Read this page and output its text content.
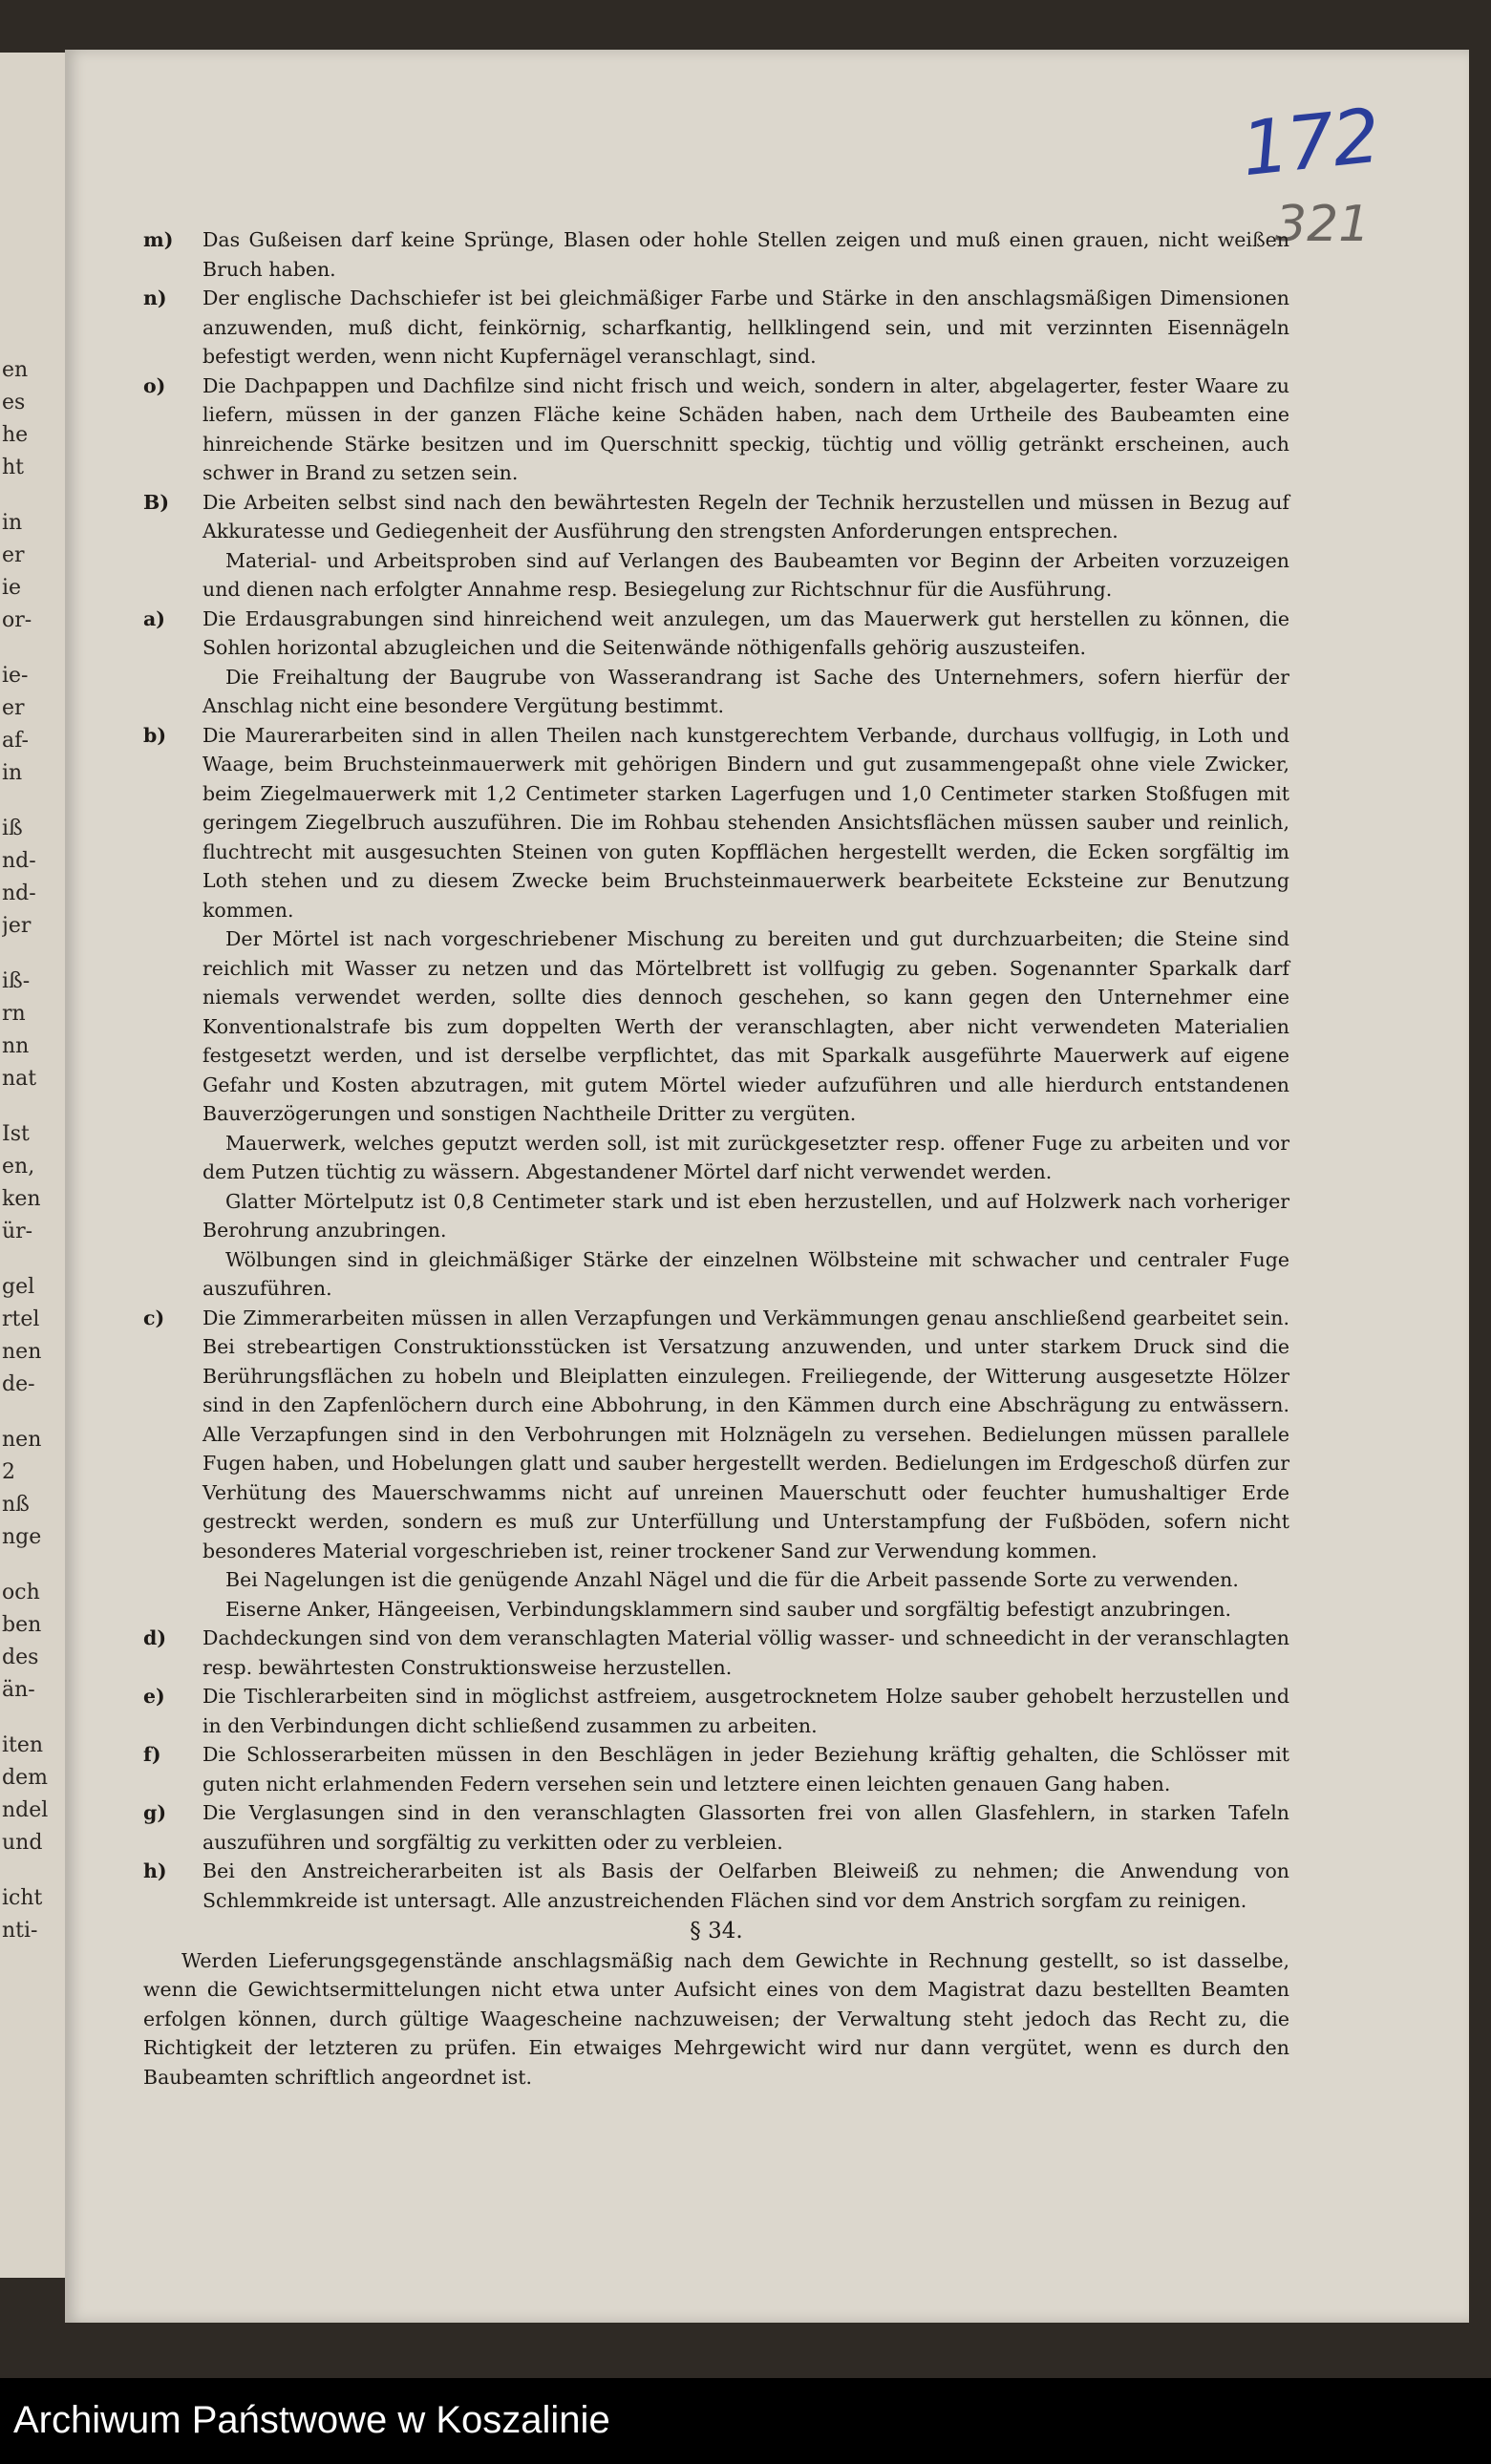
en
es
he
ht
in
er
ie
or-
ie-
er
af-
in
iß
nd-
nd-
jer
iß-
rn
nn
nat
Ist
en,
ken
ür-
gel
rtel
nen
de-
nen
2
nß
nge
och
ben
des
än-
iten
dem
ndel
und
icht
nti-
172
321
m)	Das Gußeisen darf keine Sprünge, Blasen oder hohle Stellen zeigen und muß einen grauen, nicht weißen Bruch haben.
n)	Der englische Dachschiefer ist bei gleichmäßiger Farbe und Stärke in den anschlagsmäßigen Dimensionen anzuwenden, muß dicht, feinkörnig, scharfkantig, hellklingend sein, und mit verzinnten Eisennägeln befestigt werden, wenn nicht Kupfernägel veranschlagt, sind.
o)	Die Dachpappen und Dachfilze sind nicht frisch und weich, sondern in alter, abgelagerter, fester Waare zu liefern, müssen in der ganzen Fläche keine Schäden haben, nach dem Urtheile des Baubeamten eine hinreichende Stärke besitzen und im Querschnitt speckig, tüchtig und völlig getränkt erscheinen, auch schwer in Brand zu setzen sein.
B)	Die Arbeiten selbst sind nach den bewährtesten Regeln der Technik herzustellen und müssen in Bezug auf Akkuratesse und Gediegenheit der Ausführung den strengsten Anforderungen entsprechen.
Material- und Arbeitsproben sind auf Verlangen des Baubeamten vor Beginn der Arbeiten vorzuzeigen und dienen nach erfolgter Annahme resp. Besiegelung zur Richtschnur für die Ausführung.
a)	Die Erdausgrabungen sind hinreichend weit anzulegen, um das Mauerwerk gut herstellen zu können, die Sohlen horizontal abzugleichen und die Seitenwände nöthigenfalls gehörig auszusteifen.
Die Freihaltung der Baugrube von Wasserandrang ist Sache des Unternehmers, sofern hierfür der Anschlag nicht eine besondere Vergütung bestimmt.
b)	Die Maurerarbeiten sind in allen Theilen nach kunstgerechtem Verbande, durchaus vollfugig, in Loth und Waage, beim Bruchsteinmauerwerk mit gehörigen Bindern und gut zusammengepaßt ohne viele Zwicker, beim Ziegelmauerwerk mit 1,2 Centimeter starken Lagerfugen und 1,0 Centimeter starken Stoßfugen mit geringem Ziegelbruch auszuführen. Die im Rohbau stehenden Ansichtsflächen müssen sauber und reinlich, fluchtrecht mit ausgesuchten Steinen von guten Kopfflächen hergestellt werden, die Ecken sorgfältig im Loth stehen und zu diesem Zwecke beim Bruchsteinmauerwerk bearbeitete Ecksteine zur Benutzung kommen.
Der Mörtel ist nach vorgeschriebener Mischung zu bereiten und gut durchzuarbeiten; die Steine sind reichlich mit Wasser zu netzen und das Mörtelbrett ist vollfugig zu geben. Sogenannter Sparkalk darf niemals verwendet werden, sollte dies dennoch geschehen, so kann gegen den Unternehmer eine Konventionalstrafe bis zum doppelten Werth der veranschlagten, aber nicht verwendeten Materialien festgesetzt werden, und ist derselbe verpflichtet, das mit Sparkalk ausgeführte Mauerwerk auf eigene Gefahr und Kosten abzutragen, mit gutem Mörtel wieder aufzuführen und alle hierdurch entstandenen Bauverzögerungen und sonstigen Nachtheile Dritter zu vergüten.
Mauerwerk, welches geputzt werden soll, ist mit zurückgesetzter resp. offener Fuge zu arbeiten und vor dem Putzen tüchtig zu wässern. Abgestandener Mörtel darf nicht verwendet werden.
Glatter Mörtelputz ist 0,8 Centimeter stark und ist eben herzustellen, und auf Holzwerk nach vorheriger Berohrung anzubringen.
Wölbungen sind in gleichmäßiger Stärke der einzelnen Wölbsteine mit schwacher und centraler Fuge auszuführen.
c)	Die Zimmerarbeiten müssen in allen Verzapfungen und Verkämmungen genau anschließend gearbeitet sein. Bei strebeartigen Construktionsstücken ist Versatzung anzuwenden, und unter starkem Druck sind die Berührungsflächen zu hobeln und Bleiplatten einzulegen. Freiliegende, der Witterung ausgesetzte Hölzer sind in den Zapfenlöchern durch eine Abbohrung, in den Kämmen durch eine Abschrägung zu entwässern. Alle Verzapfungen sind in den Verbohrungen mit Holznägeln zu versehen. Bedielungen müssen parallele Fugen haben, und Hobelungen glatt und sauber hergestellt werden. Bedielungen im Erdgeschoß dürfen zur Verhütung des Mauerschwamms nicht auf unreinen Mauerschutt oder feuchter humushaltiger Erde gestreckt werden, sondern es muß zur Unterfüllung und Unterstampfung der Fußböden, sofern nicht besonderes Material vorgeschrieben ist, reiner trockener Sand zur Verwendung kommen.
Bei Nagelungen ist die genügende Anzahl Nägel und die für die Arbeit passende Sorte zu verwenden.
Eiserne Anker, Hängeeisen, Verbindungsklammern sind sauber und sorgfältig befestigt anzubringen.
d)	Dachdeckungen sind von dem veranschlagten Material völlig wasser- und schneedicht in der veranschlagten resp. bewährtesten Construktionsweise herzustellen.
e)	Die Tischlerarbeiten sind in möglichst astfreiem, ausgetrocknetem Holze sauber gehobelt herzustellen und in den Verbindungen dicht schließend zusammen zu arbeiten.
f)	Die Schlosserarbeiten müssen in den Beschlägen in jeder Beziehung kräftig gehalten, die Schlösser mit guten nicht erlahmenden Federn versehen sein und letztere einen leichten genauen Gang haben.
g)	Die Verglasungen sind in den veranschlagten Glassorten frei von allen Glasfehlern, in starken Tafeln auszuführen und sorgfältig zu verkitten oder zu verbleien.
h)	Bei den Anstreicherarbeiten ist als Basis der Oelfarben Bleiweiß zu nehmen; die Anwendung von Schlemmkreide ist untersagt. Alle anzustreichenden Flächen sind vor dem Anstrich sorgfam zu reinigen.
§ 34.
Werden Lieferungsgegenstände anschlagsmäßig nach dem Gewichte in Rechnung gestellt, so ist dasselbe, wenn die Gewichtsermittelungen nicht etwa unter Aufsicht eines von dem Magistrat dazu bestellten Beamten erfolgen können, durch gültige Waagescheine nachzuweisen; der Verwaltung steht jedoch das Recht zu, die Richtigkeit der letzteren zu prüfen. Ein etwaiges Mehrgewicht wird nur dann vergütet, wenn es durch den Baubeamten schriftlich angeordnet ist.
Archiwum Państwowe w Koszalinie
